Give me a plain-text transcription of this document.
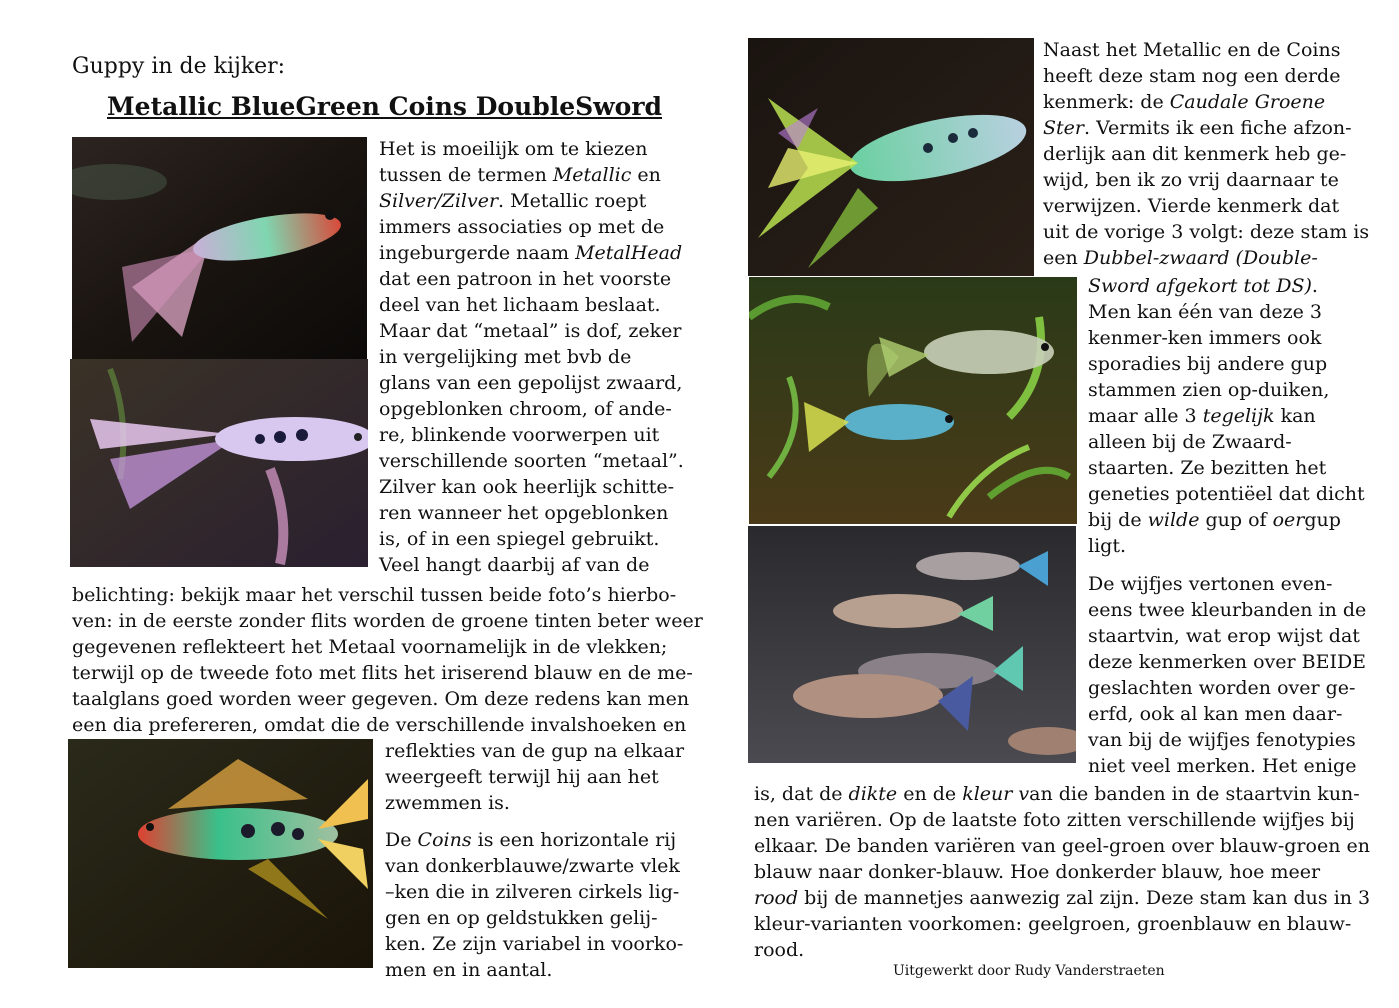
Guppy in de kijker:
Metallic BlueGreen Coins DoubleSword
Het is moeilijk om te kiezen
tussen de termen Metallic en
Silver/Zilver. Metallic roept
immers associaties op met de
ingeburgerde naam MetalHead
dat een patroon in het voorste
deel van het lichaam beslaat.
Maar dat “metaal” is dof, zeker
in vergelijking met bvb de
glans van een gepolijst zwaard,
opgeblonken chroom, of ande-
re, blinkende voorwerpen uit
verschillende soorten “metaal”.
Zilver kan ook heerlijk schitte-
ren wanneer het opgeblonken
is, of in een spiegel gebruikt.
Veel hangt daarbij af van de
belichting: bekijk maar het verschil tussen beide foto’s hierbo-
ven: in de eerste zonder flits worden de groene tinten beter weer
gegevenen reflekteert het Metaal voornamelijk in de vlekken;
terwijl op de tweede foto met flits het iriserend blauw en de me-
taalglans goed worden weer gegeven. Om deze redens kan men
een dia prefereren, omdat die de verschillende invalshoeken en
reflekties van de gup na elkaar
weergeeft terwijl hij aan het
zwemmen is.
De Coins is een horizontale rij
van donkerblauwe/zwarte vlek
–ken die in zilveren cirkels lig-
gen en op geldstukken gelij-
ken. Ze zijn variabel in voorko-
men en in aantal.
Naast het Metallic en de Coins
heeft deze stam nog een derde
kenmerk: de Caudale Groene
Ster. Vermits ik een fiche afzon-
derlijk aan dit kenmerk heb ge-
wijd, ben ik zo vrij daarnaar te
verwijzen. Vierde kenmerk dat
uit de vorige 3 volgt: deze stam is
een Dubbel-zwaard (Double-
Sword afgekort tot DS).
Men kan één van deze 3
kenmer-ken immers ook
sporadies bij andere gup
stammen zien op-duiken,
maar alle 3 tegelijk kan
alleen bij de Zwaard-
staarten. Ze bezitten het
geneties potentiëel dat dicht
bij de wilde gup of oergup
ligt.
De wijfjes vertonen even-
eens twee kleurbanden in de
staartvin, wat erop wijst dat
deze kenmerken over BEIDE
geslachten worden over ge-
erfd, ook al kan men daar-
van bij de wijfjes fenotypies
niet veel merken. Het enige
is, dat de dikte en de kleur van die banden in de staartvin kun-
nen variëren. Op de laatste foto zitten verschillende wijfjes bij
elkaar. De banden variëren van geel-groen over blauw-groen en
blauw naar donker-blauw. Hoe donkerder blauw, hoe meer
rood bij de mannetjes aanwezig zal zijn. Deze stam kan dus in 3
kleur-varianten voorkomen: geelgroen, groenblauw en blauw-
rood.
Uitgewerkt door Rudy Vanderstraeten
